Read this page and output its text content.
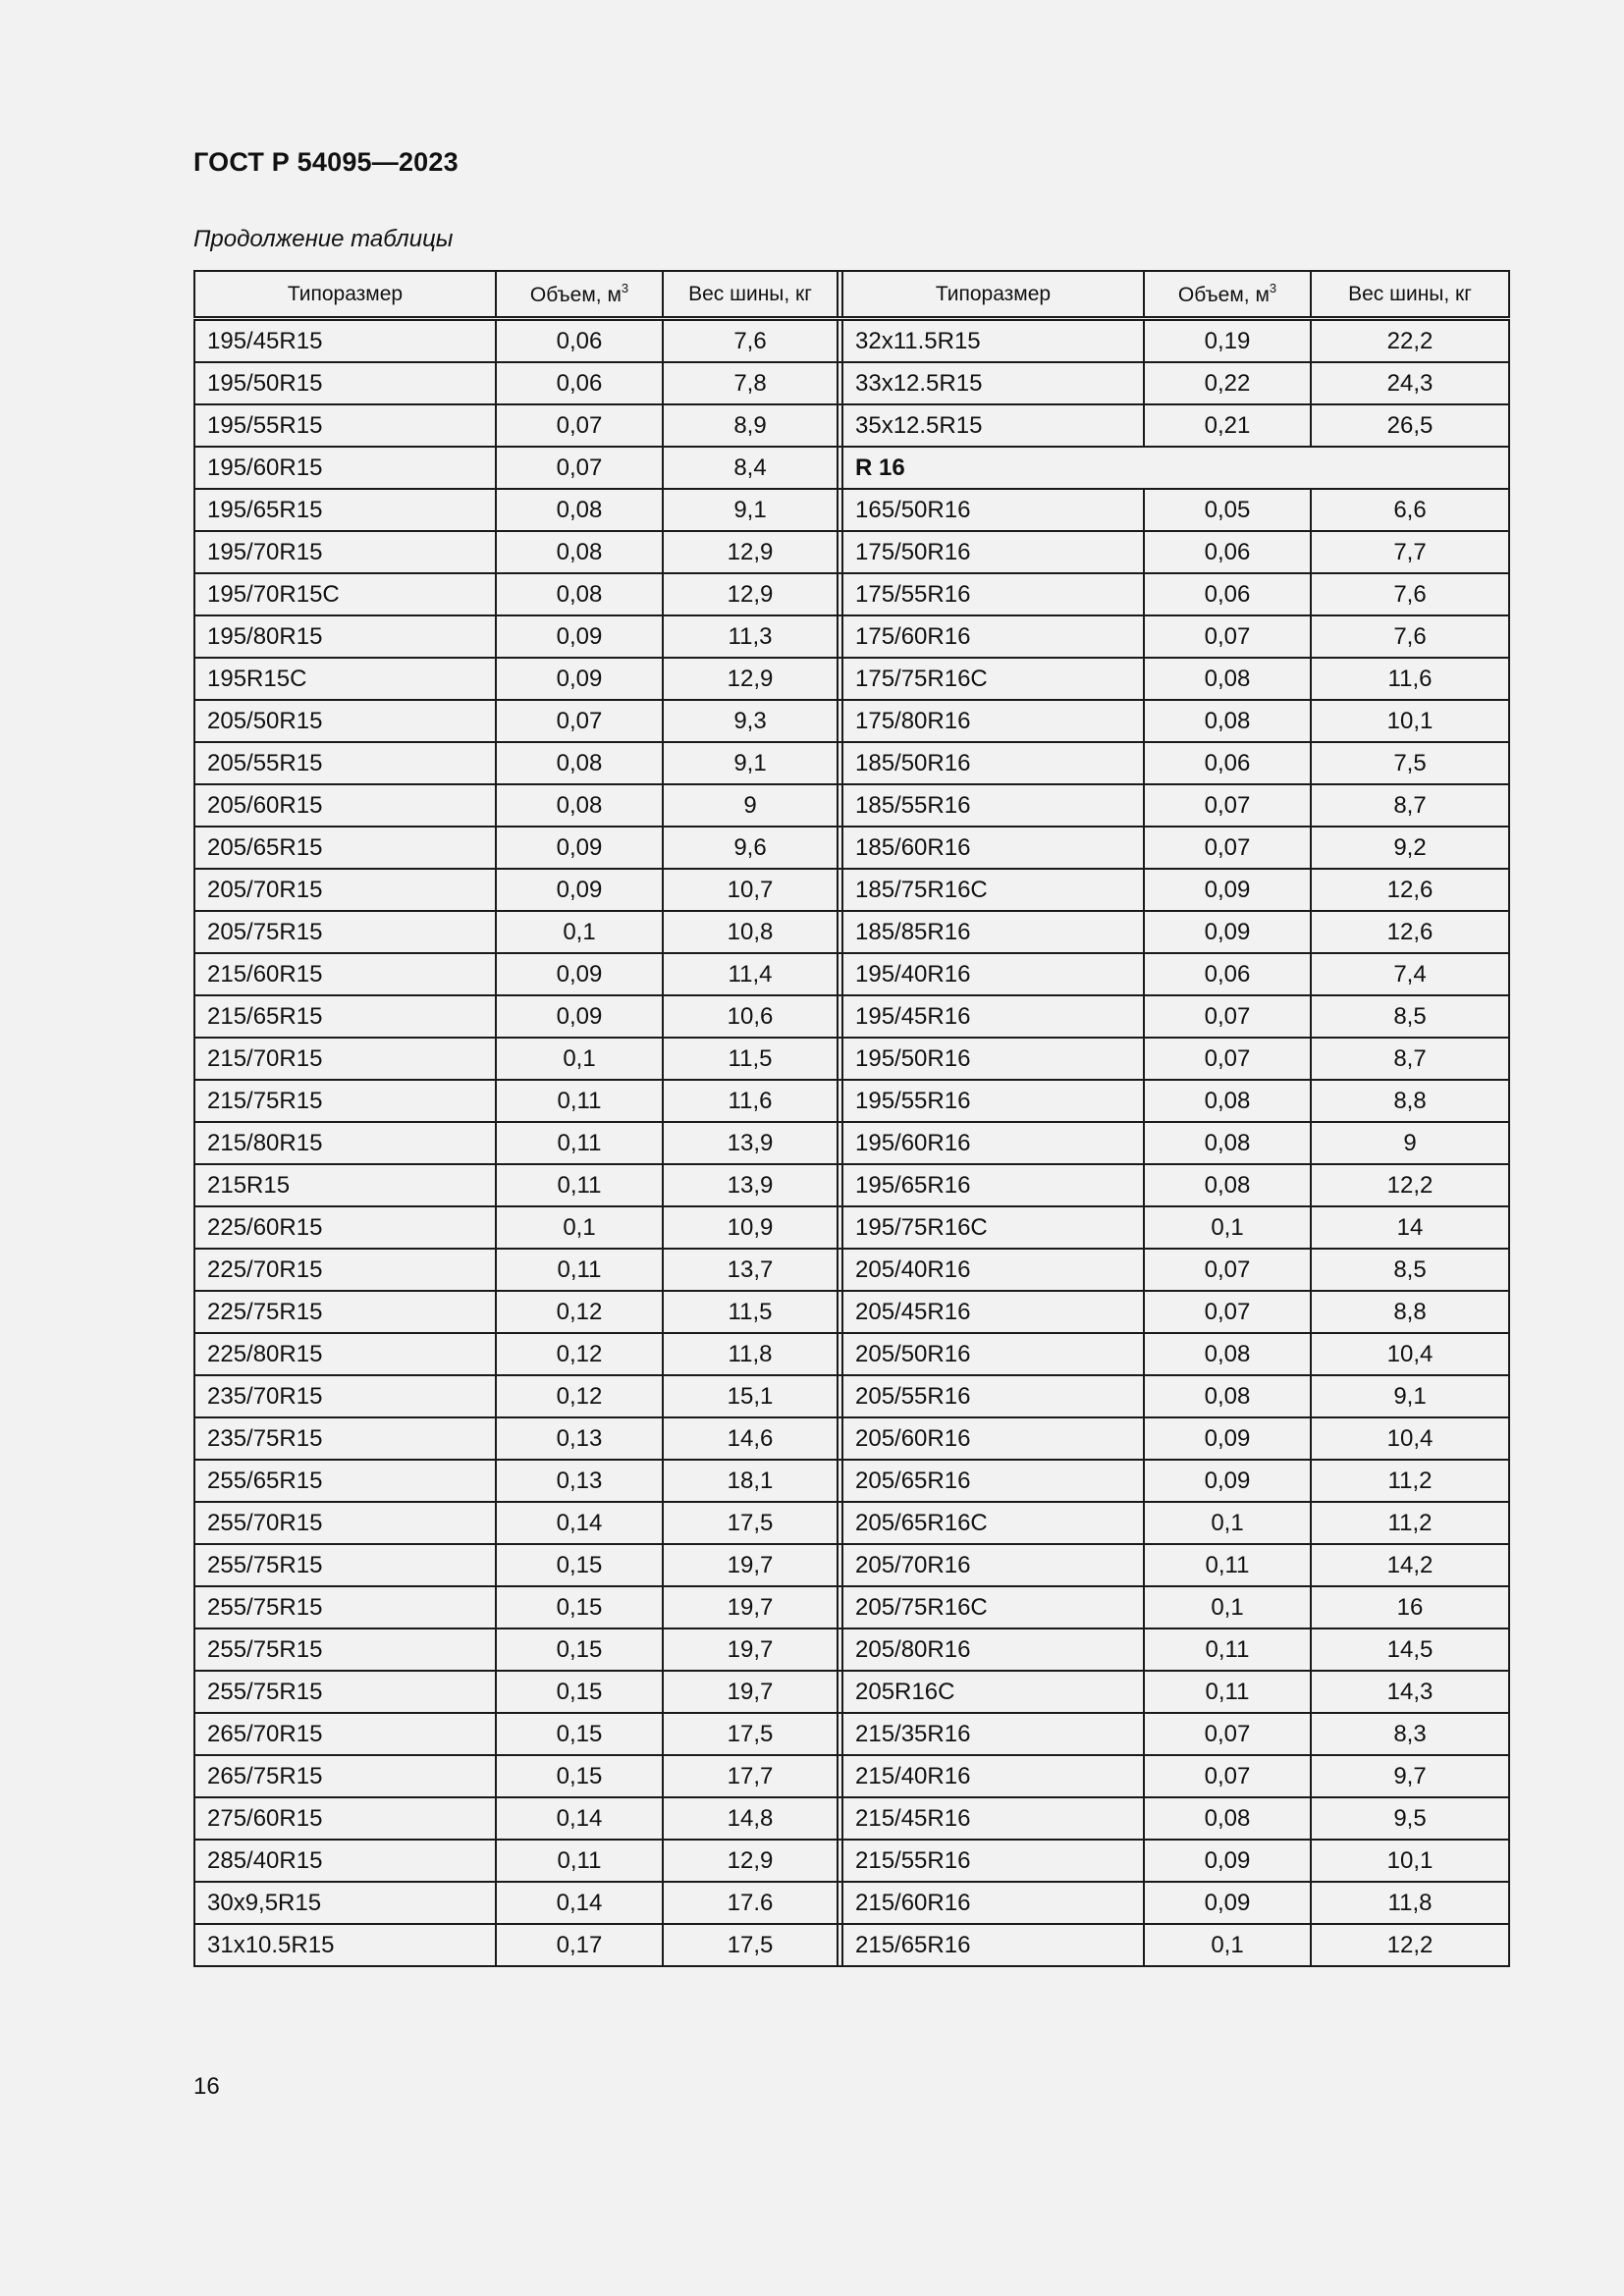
ГОСТ Р 54095—2023
Продолжение таблицы
Типоразмер	Объем, $м^3$	Вес шины, кг		Типоразмер	Объем, $м^3$	Вес шины, кг
195/45R15	0,06	7,6		32x11.5R15	0,19	22,2
195/50R15	0,06	7,8		33x12.5R15	0,22	24,3
195/55R15	0,07	8,9		35x12.5R15	0,21	26,5
195/60R15	0,07	8,4		R 16		
195/65R15	0,08	9,1		165/50R16	0,05	6,6
195/70R15	0,08	12,9		175/50R16	0,06	7,7
195/70R15C	0,08	12,9		175/55R16	0,06	7,6
195/80R15	0,09	11,3		175/60R16	0,07	7,6
195R15C	0,09	12,9		175/75R16C	0,08	11,6
205/50R15	0,07	9,3		175/80R16	0,08	10,1
205/55R15	0,08	9,1		185/50R16	0,06	7,5
205/60R15	0,08	9		185/55R16	0,07	8,7
205/65R15	0,09	9,6		185/60R16	0,07	9,2
205/70R15	0,09	10,7		185/75R16C	0,09	12,6
205/75R15	0,1	10,8		185/85R16	0,09	12,6
215/60R15	0,09	11,4		195/40R16	0,06	7,4
215/65R15	0,09	10,6		195/45R16	0,07	8,5
215/70R15	0,1	11,5		195/50R16	0,07	8,7
215/75R15	0,11	11,6		195/55R16	0,08	8,8
215/80R15	0,11	13,9		195/60R16	0,08	9
215R15	0,11	13,9		195/65R16	0,08	12,2
225/60R15	0,1	10,9		195/75R16C	0,1	14
225/70R15	0,11	13,7		205/40R16	0,07	8,5
225/75R15	0,12	11,5		205/45R16	0,07	8,8
225/80R15	0,12	11,8		205/50R16	0,08	10,4
235/70R15	0,12	15,1		205/55R16	0,08	9,1
235/75R15	0,13	14,6		205/60R16	0,09	10,4
255/65R15	0,13	18,1		205/65R16	0,09	11,2
255/70R15	0,14	17,5		205/65R16C	0,1	11,2
255/75R15	0,15	19,7		205/70R16	0,11	14,2
255/75R15	0,15	19,7		205/75R16C	0,1	16
255/75R15	0,15	19,7		205/80R16	0,11	14,5
255/75R15	0,15	19,7		205R16C	0,11	14,3
265/70R15	0,15	17,5		215/35R16	0,07	8,3
265/75R15	0,15	17,7		215/40R16	0,07	9,7
275/60R15	0,14	14,8		215/45R16	0,08	9,5
285/40R15	0,11	12,9		215/55R16	0,09	10,1
30x9,5R15	0,14	17.6		215/60R16	0,09	11,8
31x10.5R15	0,17	17,5		215/65R16	0,1	12,2
16
